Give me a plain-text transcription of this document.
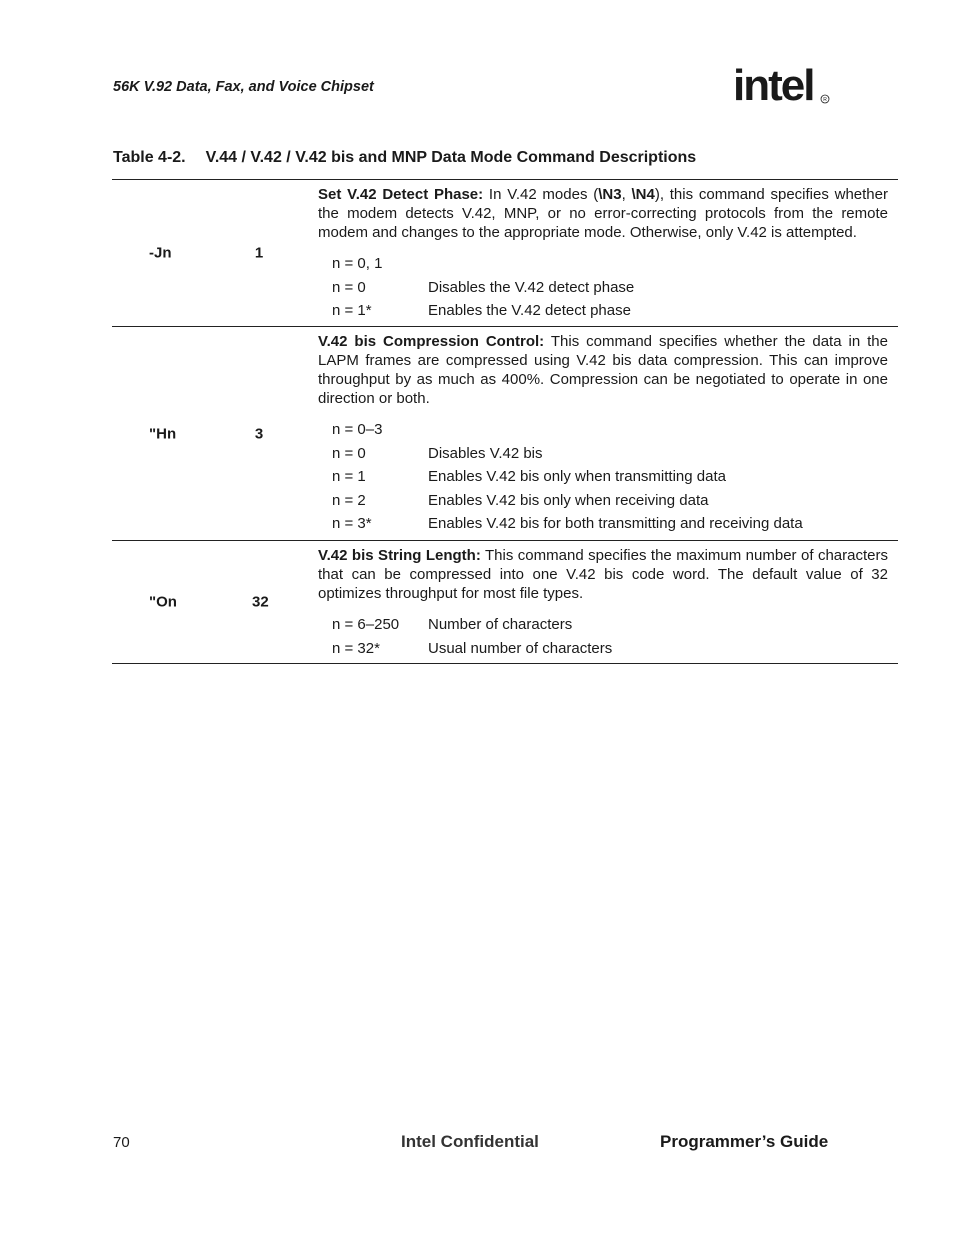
56K V.92 Data, Fax, and Voice Chipset	intel R
Table 4-2. V.44 / V.42 / V.42 bis and MNP Data Mode Command Descriptions
-Jn	1
Set V.42 Detect Phase: In V.42 modes (\N3, \N4), this command specifies whether the modem detects V.42, MNP, or no error-correcting protocols from the remote modem and changes to the appropriate mode. Otherwise, only V.42 is attempted.
n = 0, 1
n = 0	Disables the V.42 detect phase
n = 1*	Enables the V.42 detect phase
"Hn	3
V.42 bis Compression Control: This command specifies whether the data in the LAPM frames are compressed using V.42 bis data compression. This can improve throughput by as much as 400%. Compression can be negotiated to operate in one direction or both.
n = 0–3
n = 0	Disables V.42 bis
n = 1	Enables V.42 bis only when transmitting data
n = 2	Enables V.42 bis only when receiving data
n = 3*	Enables V.42 bis for both transmitting and receiving data
"On	32
V.42 bis String Length: This command specifies the maximum number of characters that can be compressed into one V.42 bis code word. The default value of 32 optimizes throughput for most file types.
n = 6–250	Number of characters
n = 32*	Usual number of characters
70	Intel Confidential	Programmer’s Guide
